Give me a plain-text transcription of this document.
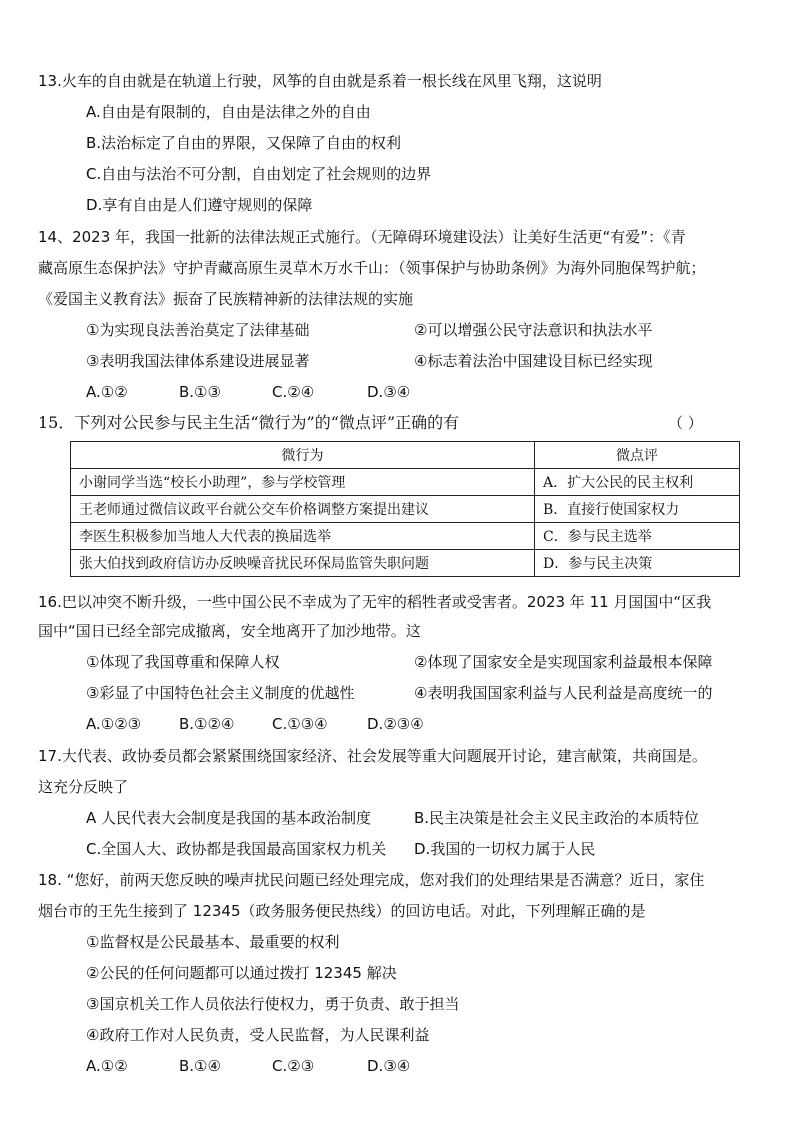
13.火车的自由就是在轨道上行驶，风筝的自由就是系着一根长线在风里飞翔，这说明
A.自由是有限制的，自由是法律之外的自由
B.法治标定了自由的界限，又保障了自由的权利
C.自由与法治不可分割，自由划定了社会规则的边界
D.享有自由是人们遵守规则的保障
14、2023 年，我国一批新的法律法规正式施行。（无障碍环境建设法）让美好生活更“有爱”：《青
藏高原生态保护法》守护青藏高原生灵草木万水千山：（领事保护与协助条例》为海外同胞保驾护航；
《爱国主义教育法》振奋了民族精神新的法律法规的实施
①为实现良法善治莫定了法律基础	②可以增强公民守法意识和执法水平
③表明我国法律体系建设进展显著	④标志着法治中国建设目标已经实现
A.①②	B.①③	C.②④	D.③④
15．下列对公民参与民主生活“微行为”的“微点评”正确的有	（ ）
微行为	微点评
小谢同学当选“校长小助理”，参与学校管理	A．扩大公民的民主权利
王老师通过微信议政平台就公交车价格调整方案提出建议	B．直接行使国家权力
李医生积极参加当地人大代表的换届选举	C．参与民主选举
张大伯找到政府信访办反映噪音扰民环保局监管失职问题	D．参与民主决策
16.巴以冲突不断升级，一些中国公民不幸成为了无牢的稻牲者或受害者。2023 年 11 月国国中“区我
国中“国日已经全部完成撤离，安全地离开了加沙地带。这
①体现了我国尊重和保障人权	②体现了国家安全是实现国家利益最根本保障
③彩显了中国特色社会主义制度的优越性	④表明我国国家利益与人民利益是高度统一的
A.①②③	B.①②④	C.①③④	D.②③④
17.大代表、政协委员都会紧紧围绕国家经济、社会发展等重大问题展开讨论，建言献策，共商国是。
这充分反映了
A 人民代表大会制度是我国的基本政治制度	B.民主决策是社会主义民主政治的本质特位
C.全国人大、政协都是我国最高国家权力机关 D.我国的一切权力属于人民
18. “您好，前两天您反映的噪声扰民问题已经处理完成，您对我们的处理结果是否满意？近日，家住
烟台市的王先生接到了 12345（政务服务便民热线）的回访电话。对此，下列理解正确的是
①监督权是公民最基本、最重要的权利
②公民的任何问题都可以通过拨打 12345 解决
③国京机关工作人员依法行使权力，勇于负责、敢于担当
④政府工作对人民负责，受人民监督，为人民课利益
A.①②	B.①④	C.②③	D.③④
